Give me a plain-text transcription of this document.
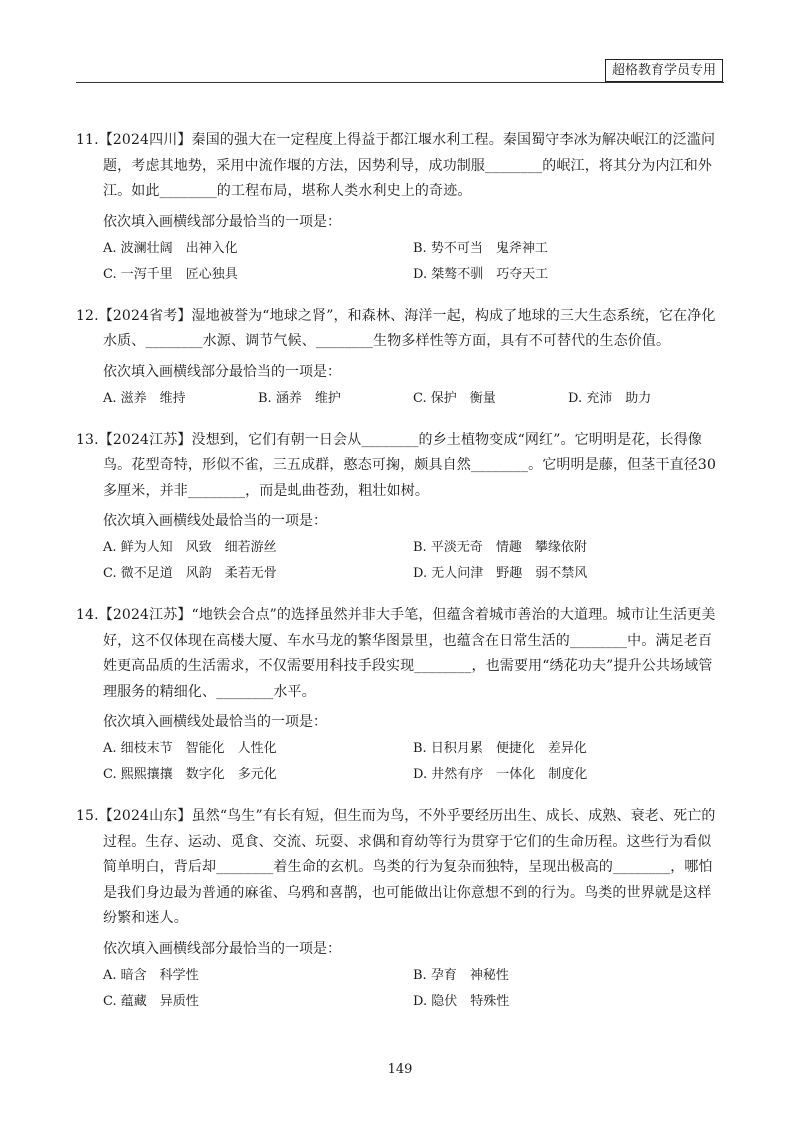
超格教育学员专用
11.【2024四川】秦国的强大在一定程度上得益于都江堰水利工程。秦国蜀守李冰为解决岷江的泛滥问题，考虑其地势，采用中流作堰的方法，因势利导，成功制服________的岷江，将其分为内江和外江。如此________的工程布局，堪称人类水利史上的奇迹。
依次填入画横线部分最恰当的一项是：
A. 波澜壮阔　出神入化	B. 势不可当　鬼斧神工
C. 一泻千里　匠心独具	D. 桀骜不驯　巧夺天工
12.【2024省考】湿地被誉为“地球之肾”，和森林、海洋一起，构成了地球的三大生态系统，它在净化水质、________水源、调节气候、________生物多样性等方面，具有不可替代的生态价值。
依次填入画横线部分最恰当的一项是：
A. 滋养　维持	B. 涵养　维护	C. 保护　衡量	D. 充沛　助力
13.【2024江苏】没想到，它们有朝一日会从________的乡土植物变成“网红”。它明明是花，长得像鸟。花型奇特，形似不雀，三五成群，憨态可掬，颇具自然________。它明明是藤，但茎干直径30多厘米，并非________，而是虬曲苍劲，粗壮如树。
依次填入画横线处最恰当的一项是：
A. 鲜为人知　风致　细若游丝	B. 平淡无奇　情趣　攀缘依附
C. 微不足道　风韵　柔若无骨	D. 无人问津　野趣　弱不禁风
14.【2024江苏】“地铁会合点”的选择虽然并非大手笔，但蕴含着城市善治的大道理。城市让生活更美好，这不仅体现在高楼大厦、车水马龙的繁华图景里，也蕴含在日常生活的________中。满足老百姓更高品质的生活需求，不仅需要用科技手段实现________，也需要用“绣花功夫”提升公共场域管理服务的精细化、________水平。
依次填入画横线处最恰当的一项是：
A. 细枝末节　智能化　人性化	B. 日积月累　便捷化　差异化
C. 熙熙攘攘　数字化　多元化	D. 井然有序　一体化　制度化
15.【2024山东】虽然“鸟生”有长有短，但生而为鸟，不外乎要经历出生、成长、成熟、衰老、死亡的过程。生存、运动、觅食、交流、玩耍、求偶和育幼等行为贯穿于它们的生命历程。这些行为看似简单明白，背后却________着生命的玄机。鸟类的行为复杂而独特，呈现出极高的________，哪怕是我们身边最为普通的麻雀、乌鸦和喜鹊，也可能做出让你意想不到的行为。鸟类的世界就是这样纷繁和迷人。
依次填入画横线部分最恰当的一项是：
A. 暗含　科学性	B. 孕育　神秘性
C. 蕴藏　异质性	D. 隐伏　特殊性
149
